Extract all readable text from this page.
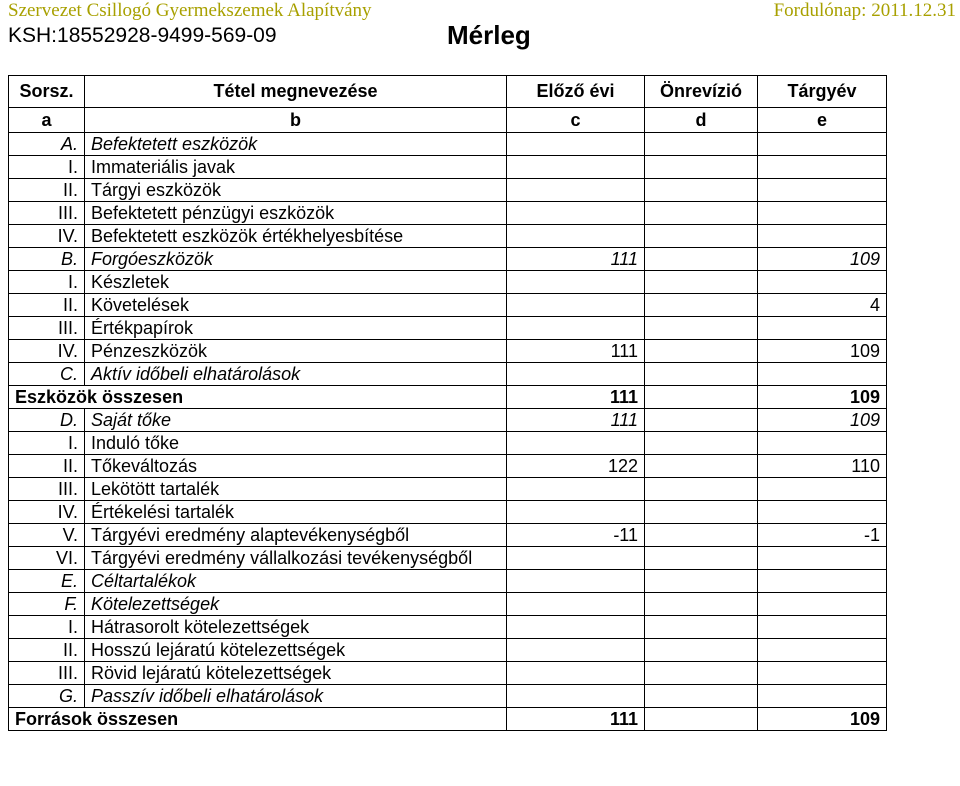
Szervezet Csillogó Gyermekszemek Alapítvány	Fordulónap: 2011.12.31
KSH:18552928-9499-569-09	Mérleg
Sorsz.	Tétel megnevezése	Előző évi	Önrevízió	Tárgyév
a	b	c	d	e
A.	Befektetett eszközök			
I.	Immateriális javak			
II.	Tárgyi eszközök			
III.	Befektetett pénzügyi eszközök			
IV.	Befektetett eszközök értékhelyesbítése			
B.	Forgóeszközök	111		109
I.	Készletek			
II.	Követelések			4
III.	Értékpapírok			
IV.	Pénzeszközök	111		109
C.	Aktív időbeli elhatárolások			
Eszközök összesen		111		109
D.	Saját tőke	111		109
I.	Induló tőke			
II.	Tőkeváltozás	122		110
III.	Lekötött tartalék			
IV.	Értékelési tartalék			
V.	Tárgyévi eredmény alaptevékenységből	-11		-1
VI.	Tárgyévi eredmény vállalkozási tevékenységből			
E.	Céltartalékok			
F.	Kötelezettségek			
I.	Hátrasorolt kötelezettségek			
II.	Hosszú lejáratú kötelezettségek			
III.	Rövid lejáratú kötelezettségek			
G.	Passzív időbeli elhatárolások			
Források összesen		111		109
